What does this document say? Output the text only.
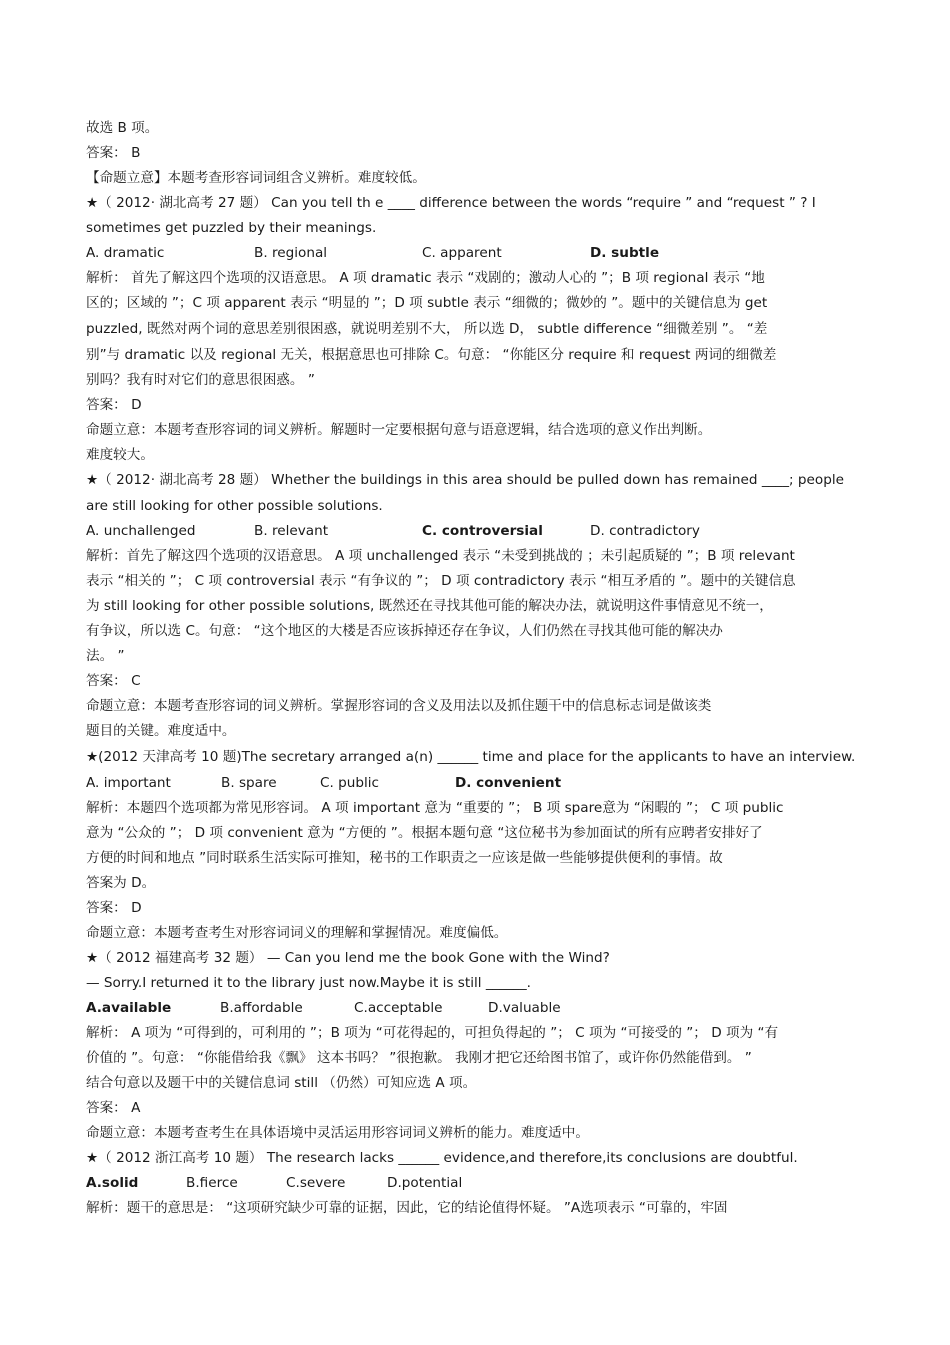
故选 B 项。
答案： B
【命题立意】本题考查形容词词组含义辨析。难度较低。
★（ 2012· 湖北高考 27 题） Can you tell th e ____ difference between the words “require ” and “request ” ? I
sometimes get puzzled by their meanings.
A. dramatic	B. regional	C. apparent	D. subtle
解析： 首先了解这四个选项的汉语意思。 A 项 dramatic 表示 “戏剧的；激动人心的 ”；B 项 regional 表示 “地
区的；区域的 ”；C 项 apparent 表示 “明显的 ”；D 项 subtle 表示 “细微的；微妙的 ”。题中的关键信息为 get
puzzled, 既然对两个词的意思差别很困惑，就说明差别不大， 所以选 D， subtle difference “细微差别 ”。 “差
别”与 dramatic 以及 regional 无关，根据意思也可排除 C。句意： “你能区分 require 和 request 两词的细微差
别吗？我有时对它们的意思很困惑。 ”
答案： D
命题立意：本题考查形容词的词义辨析。解题时一定要根据句意与语意逻辑，结合选项的意义作出判断。
难度较大。
★（ 2012· 湖北高考 28 题） Whether the buildings in this area should be pulled down has remained ____; people
are still looking for other possible solutions.
A. unchallenged	B. relevant	C. controversial	D. contradictory
解析：首先了解这四个选项的汉语意思。 A 项 unchallenged 表示 “未受到挑战的 ；未引起质疑的 ”；B 项 relevant
表示 “相关的 ”； C 项 controversial 表示 “有争议的 ”； D 项 contradictory 表示 “相互矛盾的 ”。题中的关键信息
为 still looking for other possible solutions, 既然还在寻找其他可能的解决办法，就说明这件事情意见不统一，
有争议，所以选 C。句意： “这个地区的大楼是否应该拆掉还存在争议，人们仍然在寻找其他可能的解决办
法。 ”
答案： C
命题立意：本题考查形容词的词义辨析。掌握形容词的含义及用法以及抓住题干中的信息标志词是做该类
题目的关键。难度适中。
★(2012 天津高考 10 题)The secretary arranged a(n) ______ time and place for the applicants to have an interview.
A. important	B. spare	C. public	D. convenient
解析：本题四个选项都为常见形容词。 A 项 important 意为 “重要的 ”； B 项 spare意为 “闲暇的 ”； C 项 public
意为 “公众的 ”； D 项 convenient 意为 “方便的 ”。根据本题句意 “这位秘书为参加面试的所有应聘者安排好了
方便的时间和地点 ”同时联系生活实际可推知，秘书的工作职责之一应该是做一些能够提供便利的事情。故
答案为 D。
答案： D
命题立意：本题考查考生对形容词词义的理解和掌握情况。难度偏低。
★（ 2012 福建高考 32 题） — Can you lend me the book Gone with the Wind?
— Sorry.I returned it to the library just now.Maybe it is still ______.
A.available	B.affordable	C.acceptable	D.valuable
解析： A 项为 “可得到的，可利用的 ”；B 项为 “可花得起的，可担负得起的 ”； C 项为 “可接受的 ”； D 项为 “有
价值的 ”。句意： “你能借给我《飘》 这本书吗？ ”很抱歉。 我刚才把它还给图书馆了，或许你仍然能借到。 ”
结合句意以及题干中的关键信息词 still （仍然）可知应选 A 项。
答案： A
命题立意：本题考查考生在具体语境中灵活运用形容词词义辨析的能力。难度适中。
★（ 2012 浙江高考 10 题） The research lacks ______ evidence,and therefore,its conclusions are doubtful.
A.solid	B.fierce	C.severe	D.potential
解析：题干的意思是： “这项研究缺少可靠的证据，因此，它的结论值得怀疑。 ”A选项表示 “可靠的，牢固
